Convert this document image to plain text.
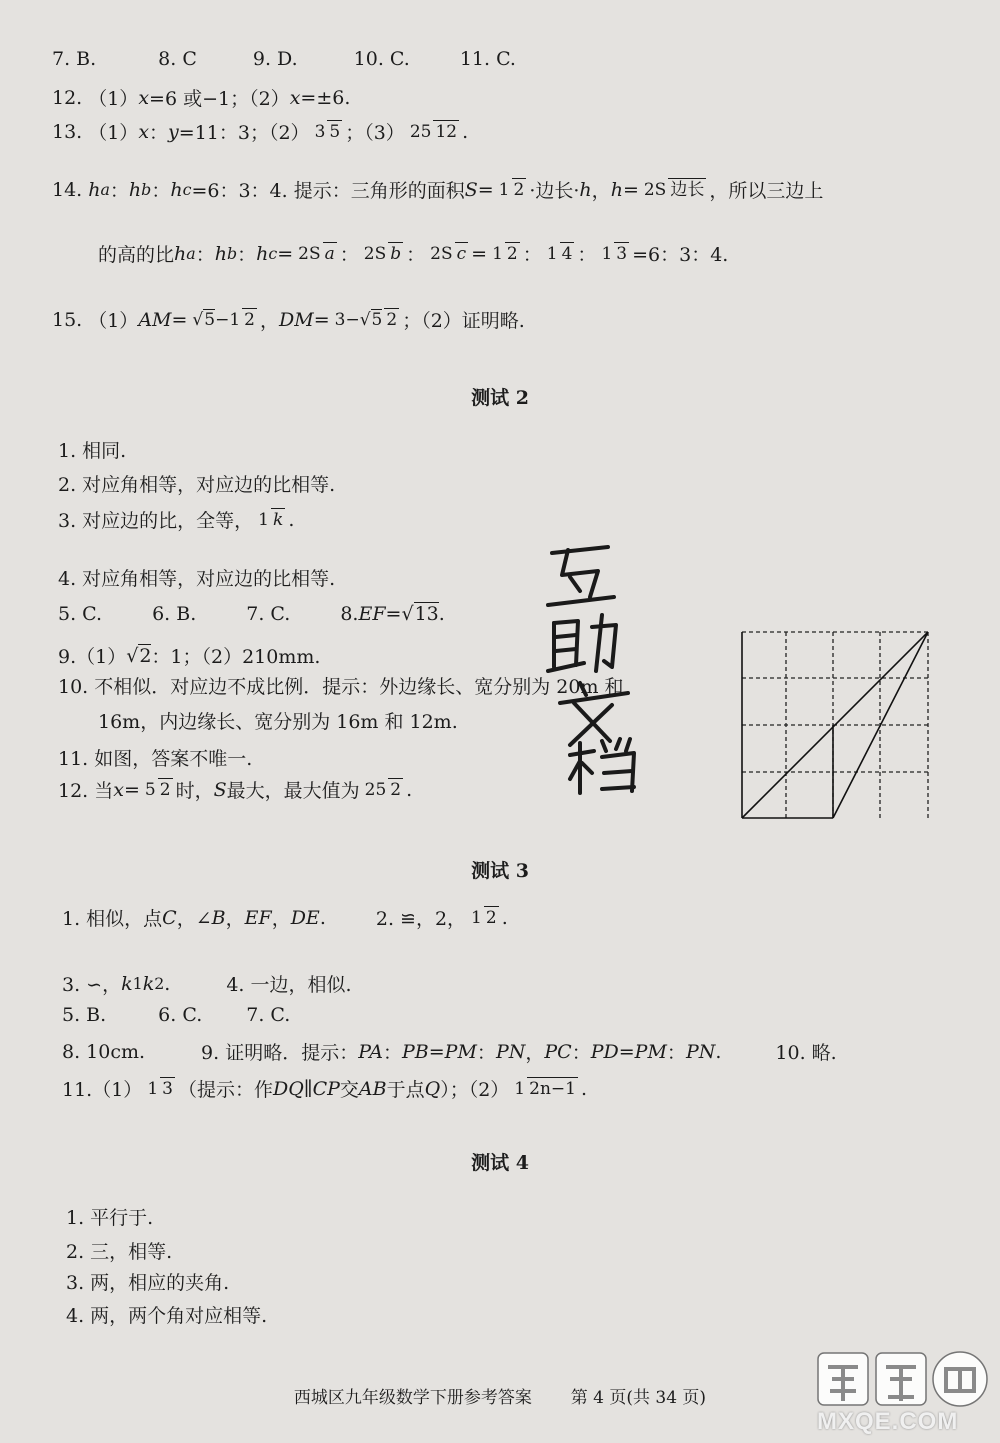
7. B.	8. C	9. D.	10. C.	11. C.
12. （1） x =6 或−1；（2） x =±6.
13. （1） x ： y =11：3；（2） 3 5 ；（3） 25 12 .
14. h a ： h b ： h c =6：3：4. 提示：三角形的面积 S = 1 2 ·边长· h ， h = 2S 边长 ，所以三边上
的高的比 h a ： h b ： h c = 2S a ： 2S b ： 2S c = 1 2 ： 1 4 ： 1 3 =6：3：4.
15. （1） AM = √5−1 2 ， DM = 3−√5 2 ；（2）证明略.
测试 2
1. 相同.
2. 对应角相等，对应边的比相等.
3. 对应边的比，全等， 1 k .
4. 对应角相等，对应边的比相等.
5. C.	6. B.	7. C.	8. EF = √ 13 .
9.（1） √ 2 ：1；（2）210mm.
10. 不相似．对应边不成比例．提示：外边缘长、宽分别为 20m 和
16m，内边缘长、宽分别为 16m 和 12m.
11. 如图，答案不唯一.
12. 当 x = 5 2 时， S 最大，最大值为 25 2 .
测试 3
1. 相似，点 C ，∠ B ， EF ， DE .	2. ≌，2， 1 2 .
3. ∽， k 1 k 2 .	4. 一边，相似.
5. B.	6. C. 7. C.
8. 10cm.	9. 证明略．提示： PA ： PB = PM ： PN ， PC ： PD = PM ： PN .	10. 略.
11.（1） 1 3 （提示：作 DQ ∥ CP 交 AB 于点 Q ）；（2） 1 2n−1 .
测试 4
1. 平行于.
2. 三，相等.
3. 两，相应的夹角.
4. 两，两个角对应相等.
西城区九年级数学下册参考答案 第 4 页(共 34 页)
MXQE.COM
